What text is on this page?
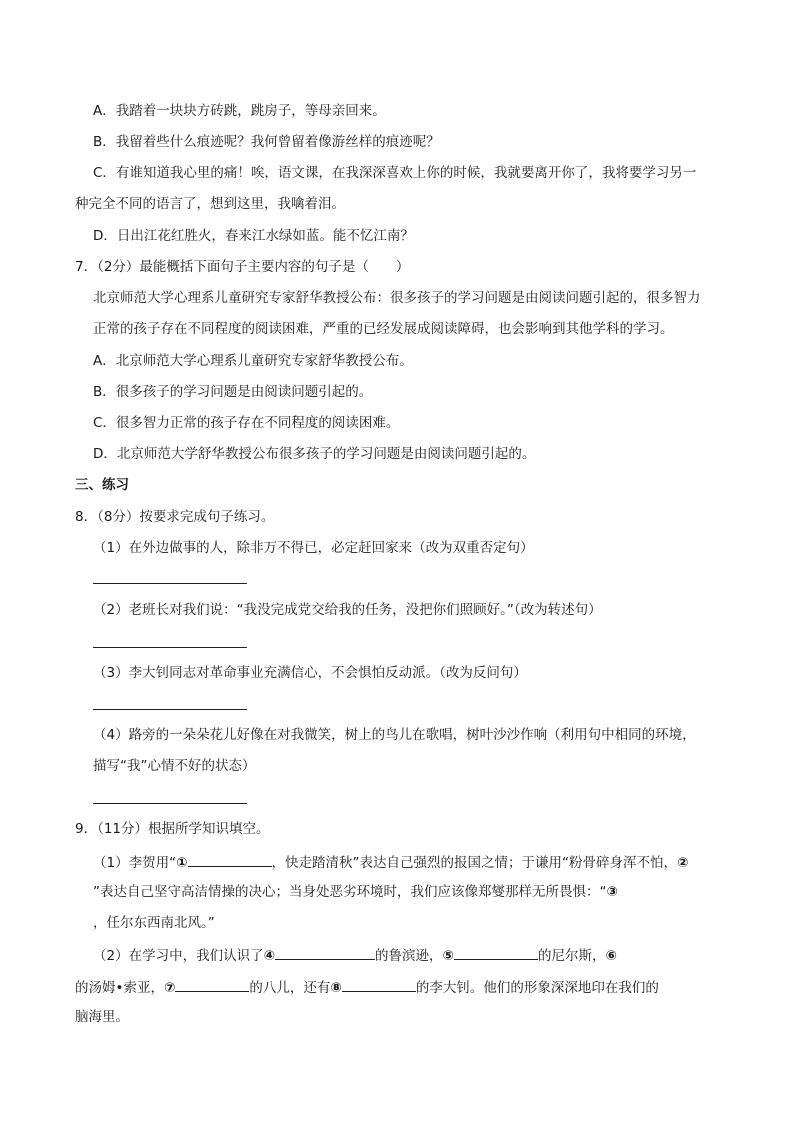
A．我踏着一块块方砖跳，跳房子，等母亲回来。
B．我留着些什么痕迹呢？我何曾留着像游丝样的痕迹呢？
C．有谁知道我心里的痛！唉，语文课，在我深深喜欢上你的时候，我就要离开你了，我将要学习另一
种完全不同的语言了，想到这里，我噙着泪。
D．日出江花红胜火，春来江水绿如蓝。能不忆江南？
7．（2分）最能概括下面句子主要内容的句子是（　　）
北京师范大学心理系儿童研究专家舒华教授公布：很多孩子的学习问题是由阅读问题引起的，很多智力
正常的孩子存在不同程度的阅读困难，严重的已经发展成阅读障碍，也会影响到其他学科的学习。
A．北京师范大学心理系儿童研究专家舒华教授公布。
B．很多孩子的学习问题是由阅读问题引起的。
C．很多智力正常的孩子存在不同程度的阅读困难。
D．北京师范大学舒华教授公布很多孩子的学习问题是由阅读问题引起的。
三、练习
8．（8分）按要求完成句子练习。
（1）在外边做事的人，除非万不得已，必定赶回家来（改为双重否定句）
（2）老班长对我们说：“我没完成党交给我的任务，没把你们照顾好。”（改为转述句）
（3）李大钊同志对革命事业充满信心，不会惧怕反动派。（改为反问句）
（4）路旁的一朵朵花儿好像在对我微笑，树上的鸟儿在歌唱，树叶沙沙作响（利用句中相同的环境，
描写“我”心情不好的状态）
9．（11分）根据所学知识填空。
（1）李贺用“①	，快走踏清秋”表达自己强烈的报国之情；于谦用“粉骨碎身浑不怕，②
”表达自己坚守高洁情操的决心；当身处恶劣环境时，我们应该像郑燮那样无所畏惧：“③
，任尔东西南北风。”
（2）在学习中，我们认识了④	的鲁滨逊，⑤	的尼尔斯，⑥
的汤姆•索亚，⑦	的八儿，还有⑧	的李大钊。他们的形象深深地印在我们的
脑海里。
